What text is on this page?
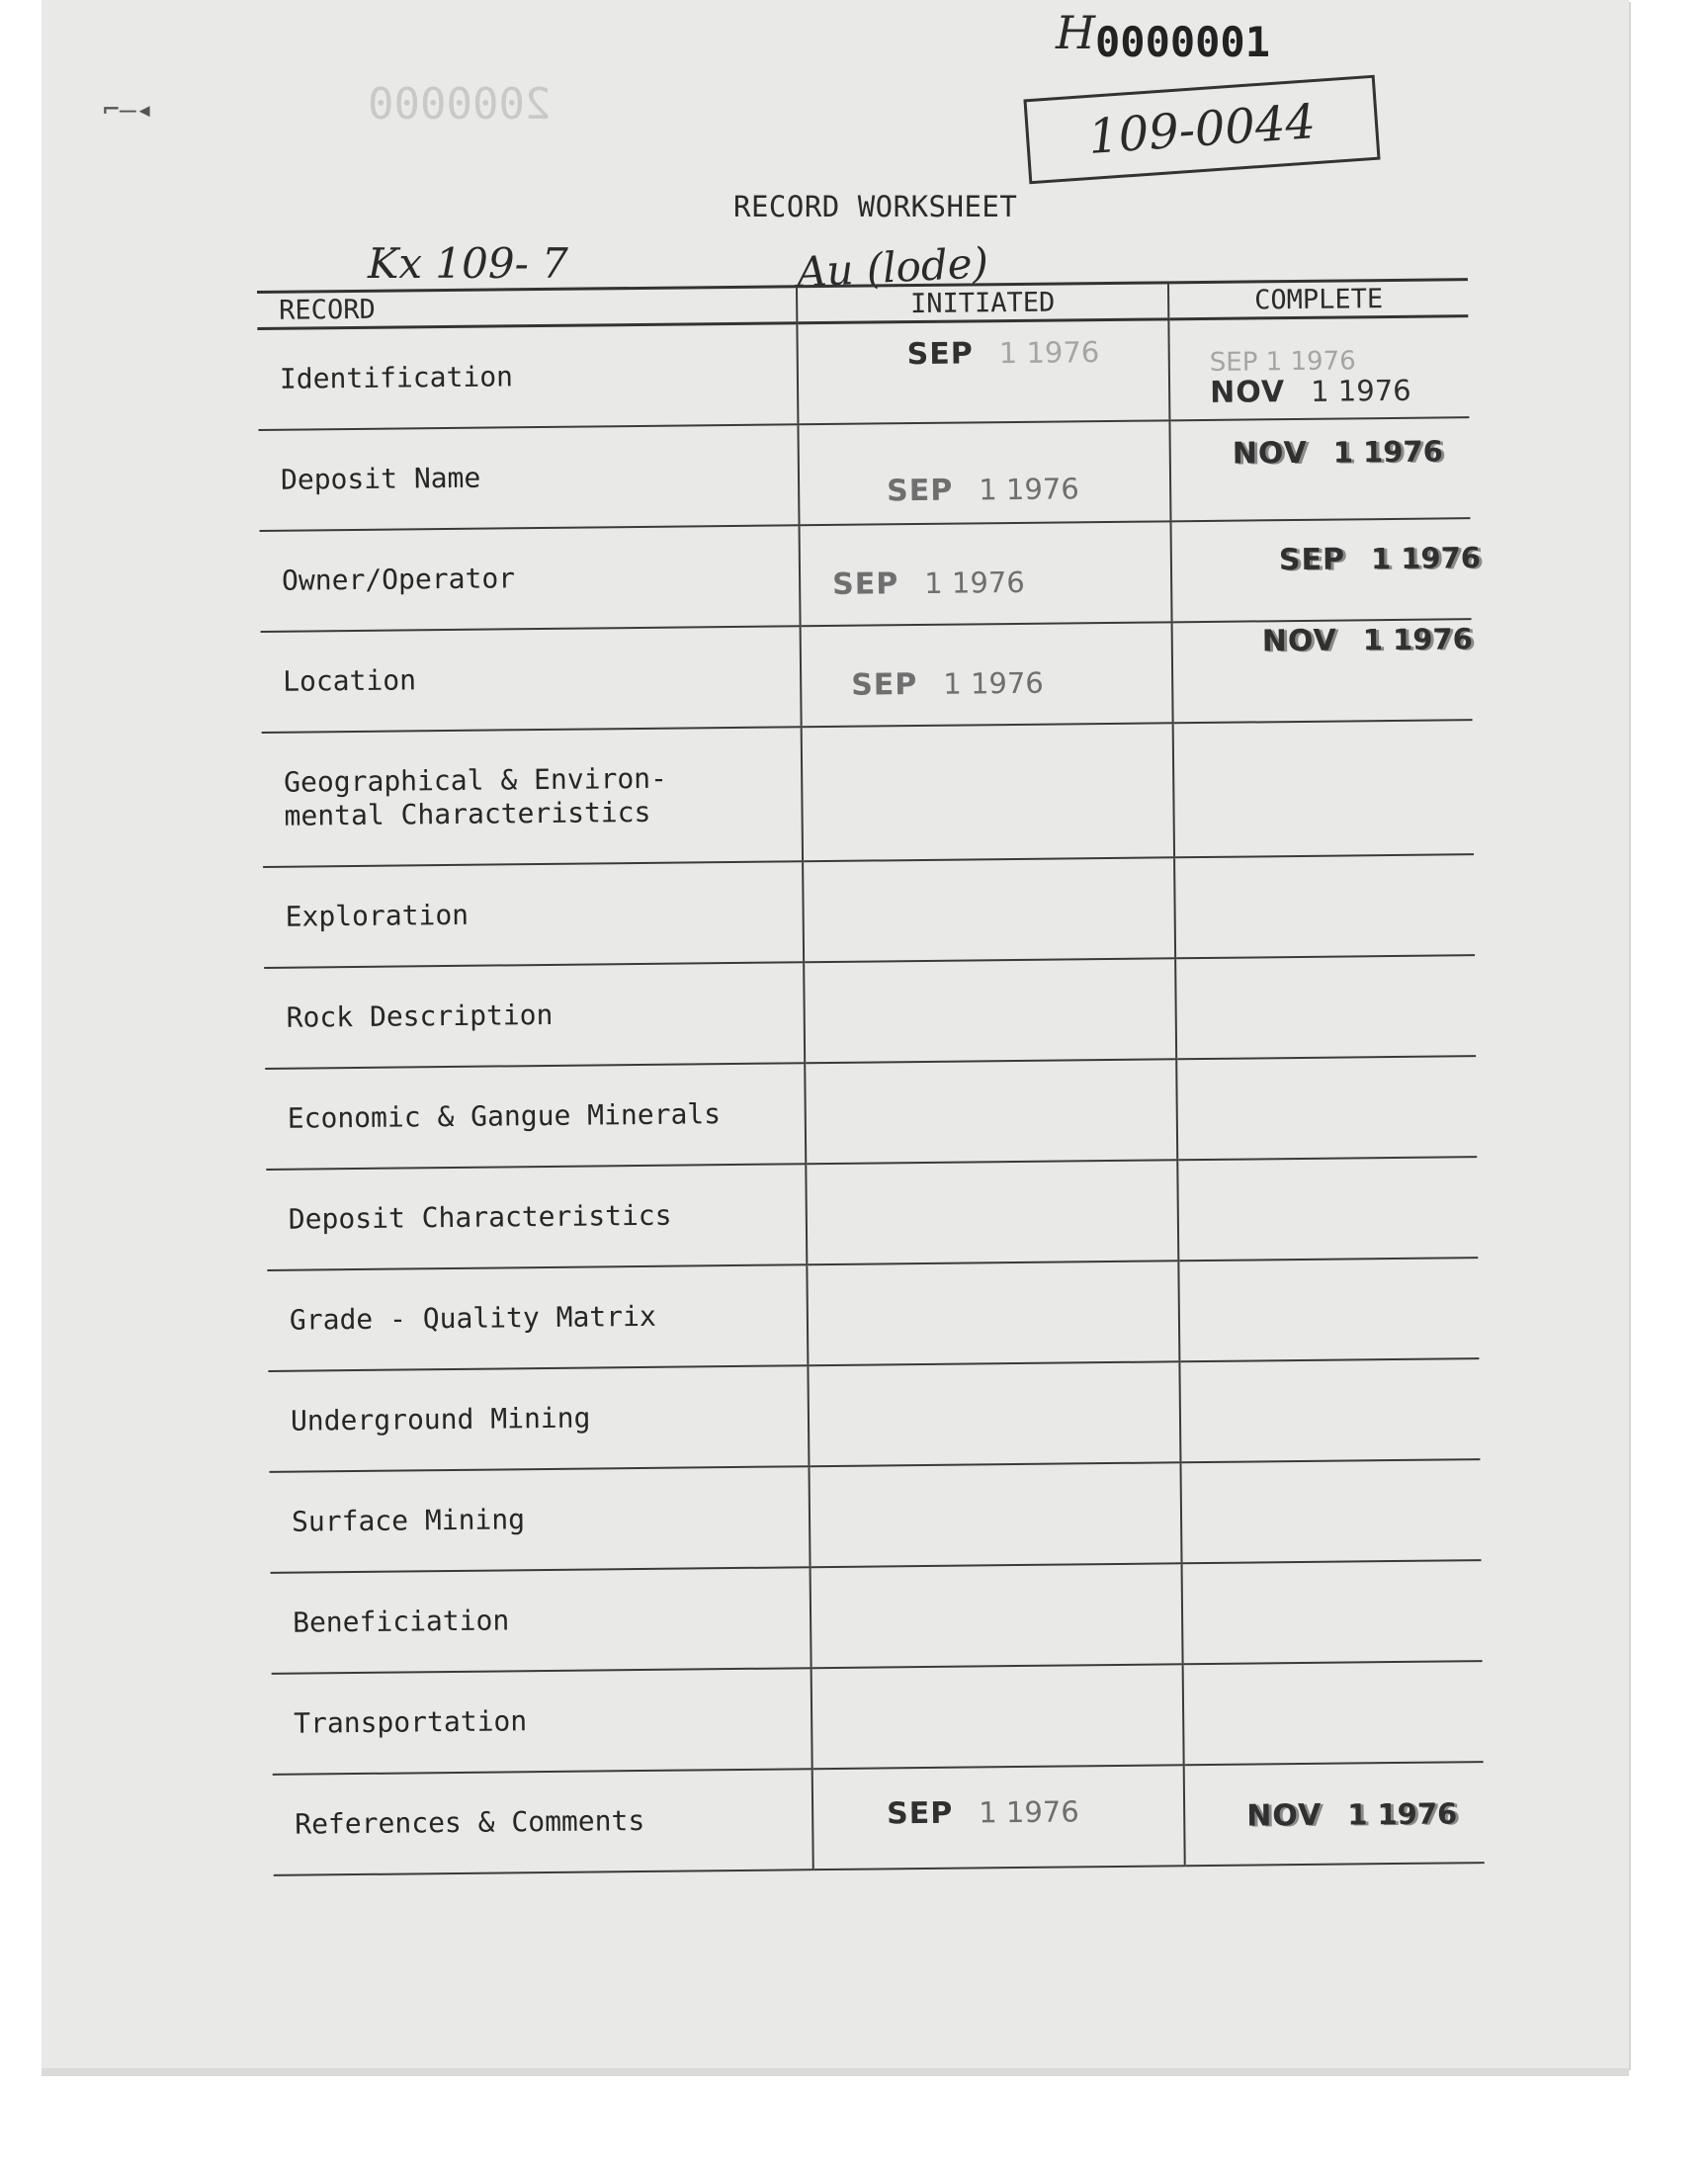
2000000
H 0000001
109-0044
⌐–◂
RECORD WORKSHEET
Kx 109- 7	Au (lode)
RECORD	INITIATED	COMPLETE
Identification	SEP 1 1976	SEP 1 1976
NOV 1 1976

Deposit Name	SEP 1 1976	NOV 1 1976

Owner/Operator	SEP 1 1976	SEP 1 1976

Location	SEP 1 1976	NOV 1 1976

Geographical & Environ-
mental Characteristics		
Exploration		
Rock Description		
Economic & Gangue Minerals		
Deposit Characteristics		
Grade - Quality Matrix		
Underground Mining		
Surface Mining		
Beneficiation		
Transportation		
References & Comments	SEP 1 1976	NOV 1 1976
